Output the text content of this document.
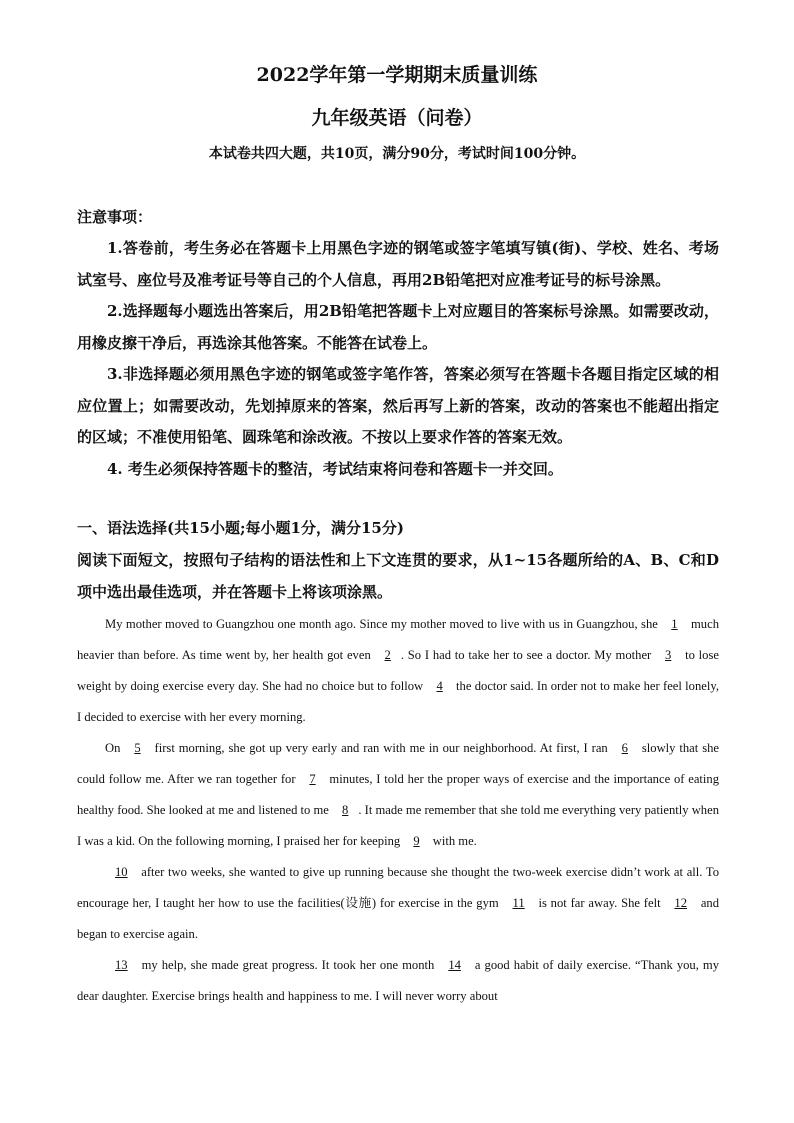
2022学年第一学期期末质量训练
九年级英语（问卷）
本试卷共四大题，共10页，满分90分，考试时间100分钟。
注意事项：

1.答卷前，考生务必在答题卡上用黑色字迹的钢笔或签字笔填写镇(街)、学校、姓名、考场试室号、座位号及准考证号等自己的个人信息，再用2B铅笔把对应准考证号的标号涂黑。

2.选择题每小题选出答案后，用2B铅笔把答题卡上对应题目的答案标号涂黑。如需要改动，用橡皮擦干净后，再选涂其他答案。不能答在试卷上。

3.非选择题必须用黑色字迹的钢笔或签字笔作答，答案必须写在答题卡各题目指定区域的相应位置上；如需要改动，先划掉原来的答案，然后再写上新的答案，改动的答案也不能超出指定的区域；不准使用铅笔、圆珠笔和涂改液。不按以上要求作答的答案无效。

4. 考生必须保持答题卡的整洁，考试结束将问卷和答题卡一并交回。

一、语法选择(共15小题;每小题1分，满分15分)
阅读下面短文，按照句子结构的语法性和上下文连贯的要求，从1~15各题所给的A、B、C和D项中选出最佳选项，并在答题卡上将该项涂黑。

My mother moved to Guangzhou one month ago. Since my mother moved to live with us in Guangzhou, she 1 much heavier than before. As time went by, her health got even 2 . So I had to take her to see a doctor. My mother 3 to lose weight by doing exercise every day. She had no choice but to follow 4 the doctor said. In order not to make her feel lonely, I decided to exercise with her every morning.

On 5 first morning, she got up very early and ran with me in our neighborhood. At first, I ran 6 slowly that she could follow me. After we ran together for 7 minutes, I told her the proper ways of exercise and the importance of eating healthy food. She looked at me and listened to me 8 . It made me remember that she told me everything very patiently when I was a kid. On the following morning, I praised her for keeping 9 with me.

10 after two weeks, she wanted to give up running because she thought the two-week exercise didn’t work at all. To encourage her, I taught her how to use the facilities(设施) for exercise in the gym 11 is not far away. She felt 12 and began to exercise again.

13 my help, she made great progress. It took her one month 14 a good habit of daily exercise. “Thank you, my dear daughter. Exercise brings health and happiness to me. I will never worry about
